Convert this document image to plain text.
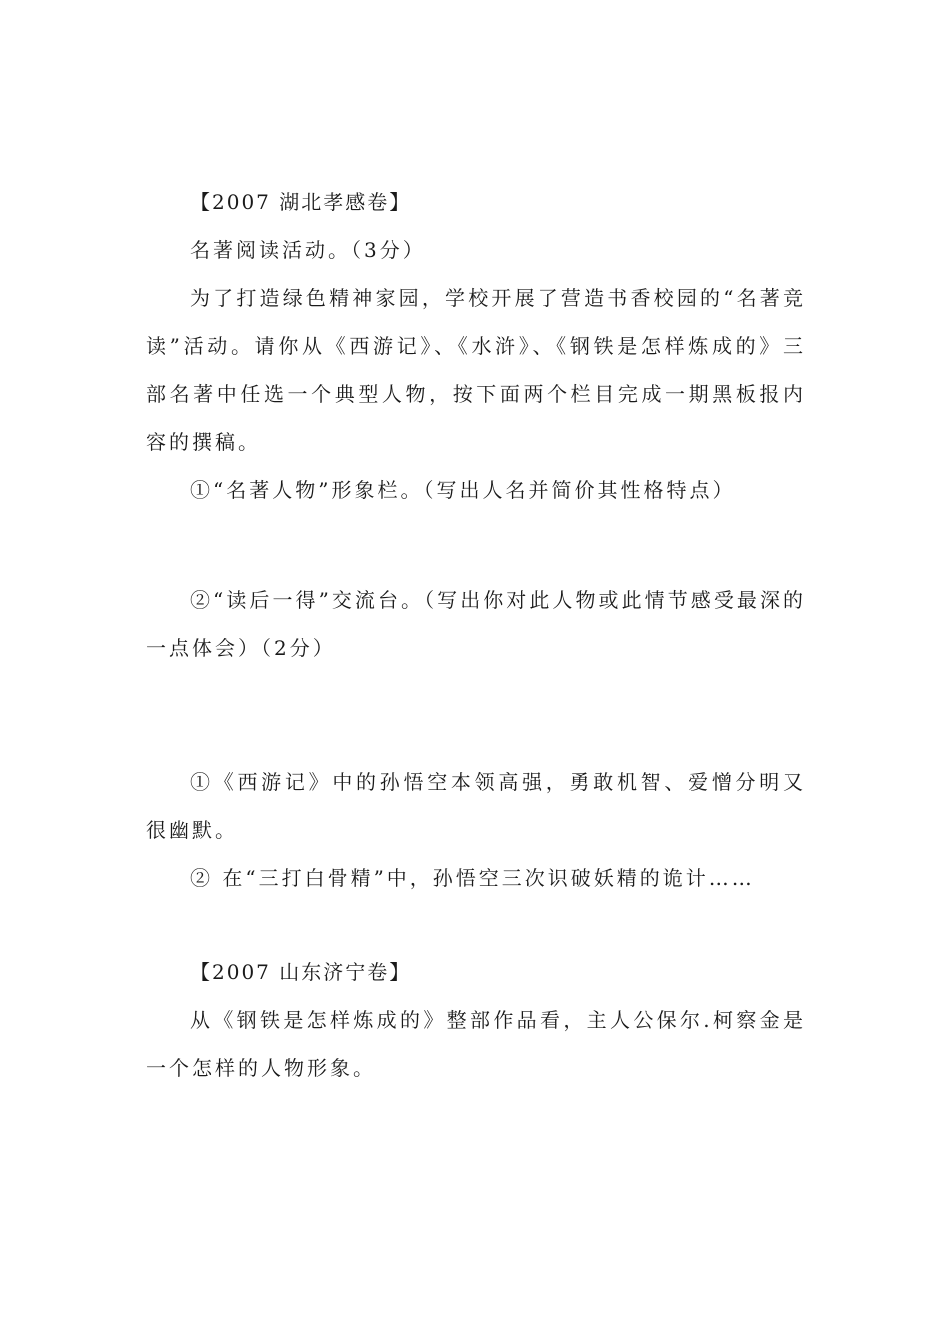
【2007 湖北孝感卷】

名著阅读活动。（3分）

为了打造绿色精神家园，学校开展了营造书香校园的“名著竞读”活动。请你从《西游记》、《水浒》、《钢铁是怎样炼成的》三部名著中任选一个典型人物，按下面两个栏目完成一期黑板报内容的撰稿。

①“名著人物”形象栏。（写出人名并简价其性格特点）

②“读后一得”交流台。（写出你对此人物或此情节感受最深的一点体会）（2分）

①《西游记》中的孙悟空本领高强，勇敢机智、爱憎分明又很幽默。

② 在“三打白骨精”中，孙悟空三次识破妖精的诡计……

【2007 山东济宁卷】

从《钢铁是怎样炼成的》整部作品看，主人公保尔.柯察金是一个怎样的人物形象。
